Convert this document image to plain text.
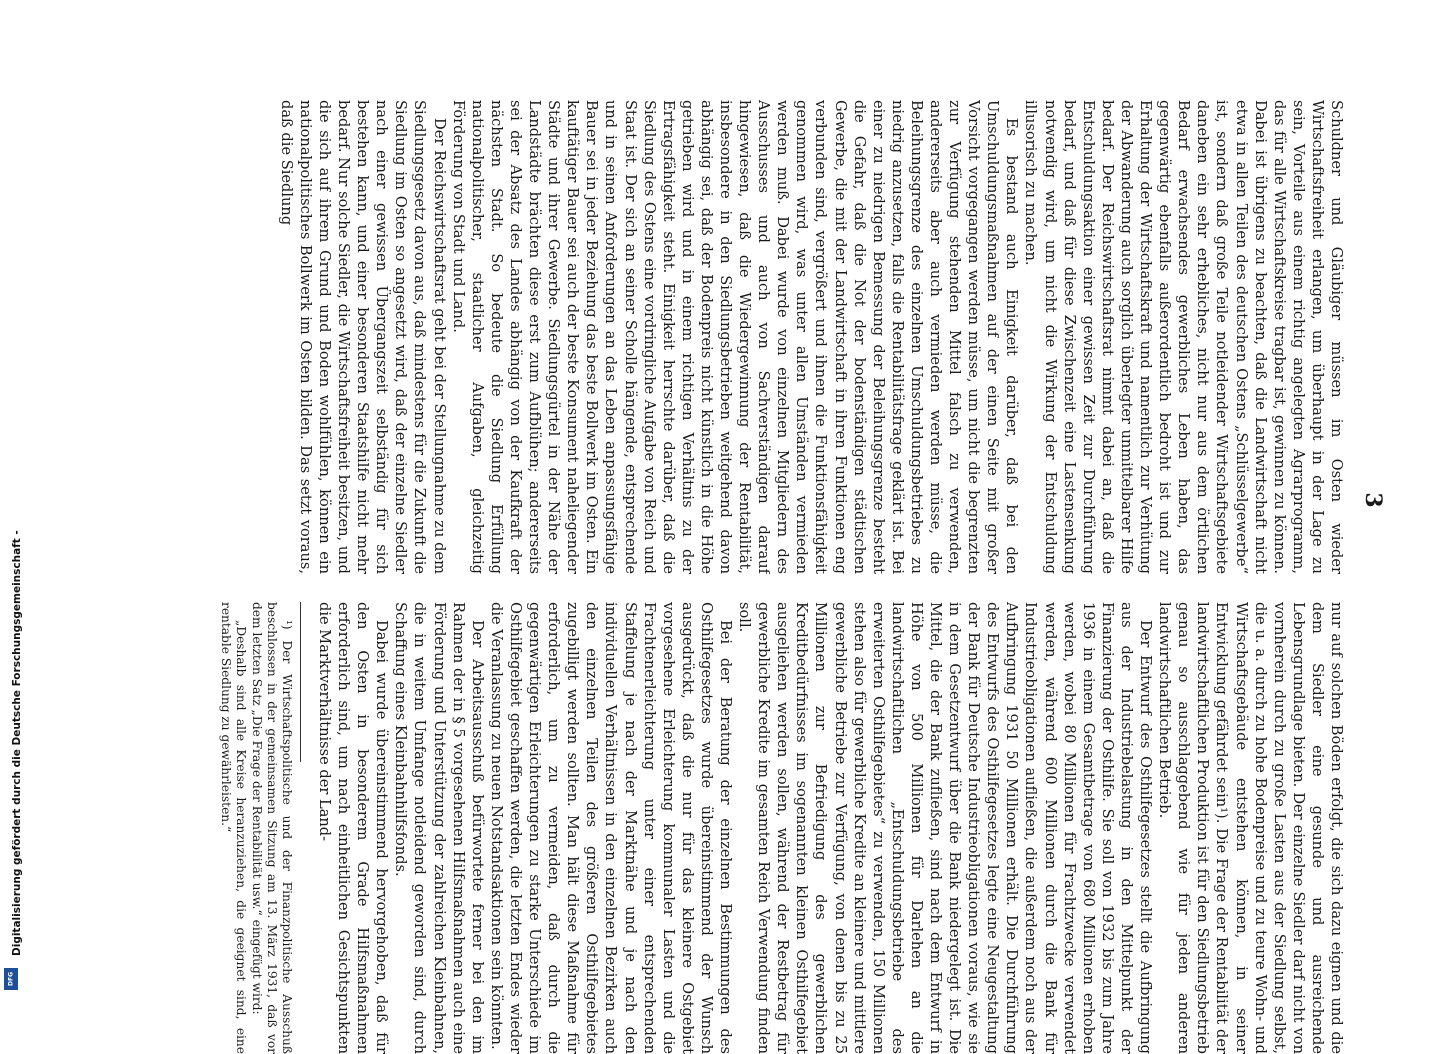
3

Schuldner und Gläubiger müssen im Osten wieder Wirtschaftsfreiheit erlangen, um überhaupt in der Lage zu sein, Vorteile aus einem richtig angelegten Agrarprogramm, das für alle Wirtschaftskreise tragbar ist, gewinnen zu können. Dabei ist übrigens zu beachten, daß die Landwirtschaft nicht etwa in allen Teilen des deutschen Ostens „Schlüsselgewerbe“ ist, sondern daß große Teile notleidender Wirtschaftsgebiete daneben ein sehr erhebliches, nicht nur aus dem örtlichen Bedarf erwachsendes gewerbliches Leben haben, das gegenwärtig ebenfalls außerordentlich bedroht ist und zur Erhaltung der Wirtschaftskraft und namentlich zur Verhütung der Abwanderung auch sorglich überlegter unmittelbarer Hilfe bedarf. Der Reichswirtschaftsrat nimmt dabei an, daß die Entschuldungsaktion einer gewissen Zeit zur Durchführung bedarf, und daß für diese Zwischenzeit eine Lastensenkung notwendig wird, um nicht die Wirkung der Entschuldung illusorisch zu machen.

Es bestand auch Einigkeit darüber, daß bei den Umschuldungsmaßnahmen auf der einen Seite mit großer Vorsicht vorgegangen werden müsse, um nicht die begrenzten zur Verfügung stehenden Mittel falsch zu verwenden, andererseits aber auch vermieden werden müsse, die Beleihungsgrenze des einzelnen Umschuldungsbetriebes zu niedrig anzusetzen, falls die Rentabilitätsfrage geklärt ist. Bei einer zu niedrigen Bemessung der Beleihungsgrenze besteht die Gefahr, daß die Not der bodenständigen städtischen Gewerbe, die mit der Landwirtschaft in ihren Funktionen eng verbunden sind, vergrößert und ihnen die Funktionsfähigkeit genommen wird, was unter allen Umständen vermieden werden muß. Dabei wurde von einzelnen Mitgliedern des Ausschusses und auch von Sachverständigen darauf hingewiesen, daß die Wiedergewinnung der Rentabilität, insbesondere in den Siedlungsbetrieben weitgehend davon abhängig sei, daß der Bodenpreis nicht künstlich in die Höhe getrieben wird und in einem richtigen Verhältnis zu der Ertragsfähigkeit steht. Einigkeit herrschte darüber, daß die Siedlung des Ostens eine vordringliche Aufgabe von Reich und Staat ist. Der sich an seiner Scholle hängende, entsprechende und in seinen Anforderungen an das Leben anpassungsfähige Bauer sei in jeder Beziehung das beste Bollwerk im Osten. Ein kauftätiger Bauer sei auch der beste Konsument naheliegender Städte und ihrer Gewerbe. Siedlungsgürtel in der Nähe der Landstädte brächten diese erst zum Aufblühen; andererseits sei der Absatz des Landes abhängig von der Kaufkraft der nächsten Stadt. So bedeute die Siedlung Erfüllung nationalpolitischer, staatlicher Aufgaben, gleichzeitig Förderung von Stadt und Land.

Der Reichswirtschaftsrat geht bei der Stellungnahme zu dem Siedlungsgesetz davon aus, daß mindestens für die Zukunft die Siedlung im Osten so angesetzt wird, daß der einzelne Siedler nach einer gewissen Übergangszeit selbständig für sich bestehen kann, und einer besonderen Staatshilfe nicht mehr bedarf. Nur solche Siedler, die Wirtschaftsfreiheit besitzen, und die sich auf ihrem Grund und Boden wohlfühlen, können ein nationalpolitisches Bollwerk im Osten bilden. Das setzt voraus, daß die Siedlung

nur auf solchen Böden erfolgt, die sich dazu eignen und die dem Siedler eine gesunde und ausreichende Lebensgrundlage bieten. Der einzelne Siedler darf nicht von vornherein durch zu große Lasten aus der Siedlung selbst, die u. a. durch zu hohe Bodenpreise und zu teure Wohn- und Wirtschaftsgebäude entstehen können, in seiner Entwicklung gefährdet sein¹). Die Frage der Rentabilität der landwirtschaftlichen Produktion ist für den Siedlungsbetrieb genau so ausschlaggebend wie für jeden anderen landwirtschaftlichen Betrieb.

Der Entwurf des Osthilfegesetzes stellt die Aufbringung aus der Industriebelastung in den Mittelpunkt der Finanzierung der Osthilfe. Sie soll von 1932 bis zum Jahre 1936 in einem Gesamtbetrage von 680 Millionen erhoben werden, wobei 80 Millionen für Frachtzwecke verwendet werden, während 600 Millionen durch die Bank für Industrieobligationen aufließen, die außerdem noch aus der Aufbringung 1931 50 Millionen erhält. Die Durchführung des Entwurfs des Osthilfegesetzes legte eine Neugestaltung der Bank für Deutsche Industrieobligationen voraus, wie sie in dem Gesetzentwurf über die Bank niedergelegt ist. Die Mittel, die der Bank zufließen, sind nach dem Entwurf in Höhe von 500 Millionen für Darlehen an die landwirtschaftlichen „Entschuldungsbetriebe des erweiterten Osthilfegebietes“ zu verwenden, 150 Millionen stehen also für gewerbliche Kredite an kleinere und mittlere gewerbliche Betriebe zur Verfügung, von denen bis zu 25 Millionen zur Befriedigung des gewerblichen Kreditbedürfnisses im sogenannten kleinen Osthilfegebiet ausgeliehen werden sollen, während der Restbetrag für gewerbliche Kredite im gesamten Reich Verwendung finden soll.

Bei der Beratung der einzelnen Bestimmungen des Osthilfegesetzes wurde übereinstimmend der Wunsch ausgedrückt, daß die nur für das kleinere Ostgebiet vorgesehene Erleichterung kommunaler Lasten und die Frachtenerleichterung unter einer entsprechenden Staffelung je nach der Marktnähe und je nach den individuellen Verhältnissen in den einzelnen Bezirken auch den einzelnen Teilen des größeren Osthilfegebietes zugebilligt werden sollten. Man hält diese Maßnahme für erforderlich, um zu vermeiden, daß durch die gegenwärtigen Erleichterungen zu starke Unterschiede im Osthilfegebiet geschaffen werden, die letzten Endes wieder die Veranlassung zu neuen Notstandsaktionen sein könnten.

Der Arbeitsausschuß befürwortete ferner bei den im Rahmen der in § 5 vorgesehenen Hilfsmaßnahmen auch eine Förderung und Unterstützung der zahlreichen Kleinbahnen, die in weitem Umfange notleidend geworden sind, durch Schaffung eines Kleinbahnhilfsfonds.

Dabei wurde übereinstimmend hervorgehoben, daß für den Osten in besonderem Grade Hilfsmaßnahmen erforderlich sind, um nach einheitlichen Gesichtspunkten die Marktverhältnisse der Land-

¹) Der Wirtschaftspolitische und der Finanzpolitische Ausschuß beschlossen in der gemeinsamen Sitzung am 13. März 1931, daß vor dem letzten Satz „Die Frage der Rentabilität usw.“ eingefügt wird:

„Deshalb sind alle Kreise heranzuziehen, die geeignet sind, eine rentable Siedlung zu gewährleisten.“

Digitalisierung gefördert durch die Deutsche Forschungsgemeinschaft -
DFG
